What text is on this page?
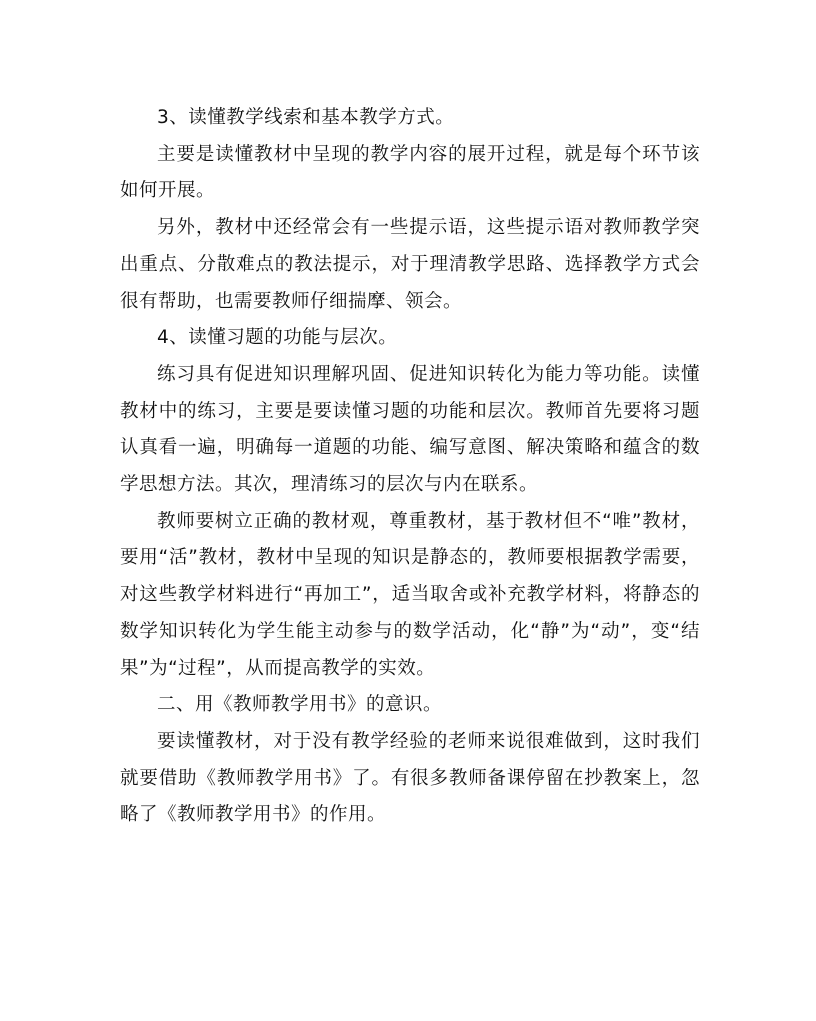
3、读懂教学线索和基本教学方式。

主要是读懂教材中呈现的教学内容的展开过程，就是每个环节该如何开展。

另外，教材中还经常会有一些提示语，这些提示语对教师教学突出重点、分散难点的教法提示，对于理清教学思路、选择教学方式会很有帮助，也需要教师仔细揣摩、领会。

4、读懂习题的功能与层次。

练习具有促进知识理解巩固、促进知识转化为能力等功能。读懂教材中的练习，主要是要读懂习题的功能和层次。教师首先要将习题认真看一遍，明确每一道题的功能、编写意图、解决策略和蕴含的数学思想方法。其次，理清练习的层次与内在联系。

教师要树立正确的教材观，尊重教材，基于教材但不“唯”教材，要用“活”教材，教材中呈现的知识是静态的，教师要根据教学需要，对这些教学材料进行“再加工”，适当取舍或补充教学材料，将静态的数学知识转化为学生能主动参与的数学活动，化“静”为“动”，变“结果”为“过程”，从而提高教学的实效。

二、用《教师教学用书》的意识。

要读懂教材，对于没有教学经验的老师来说很难做到，这时我们就要借助《教师教学用书》了。有很多教师备课停留在抄教案上，忽略了《教师教学用书》的作用。
